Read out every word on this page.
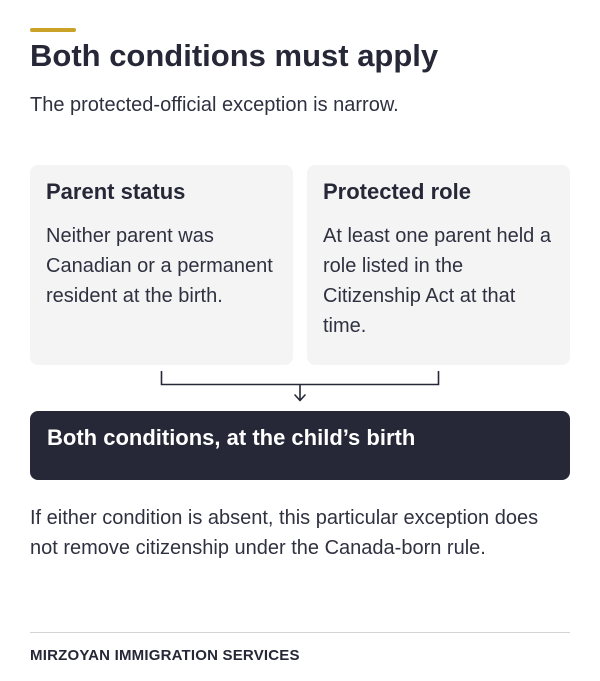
Both conditions must apply

The protected-official exception is narrow.

Parent status

Neither parent was Canadian or a permanent resident at the birth.

Protected role

At least one parent held a role listed in the Citizenship Act at that time.

Both conditions, at the child’s birth

If either condition is absent, this particular exception does not remove citizenship under the Canada-born rule.

MIRZOYAN IMMIGRATION SERVICES
